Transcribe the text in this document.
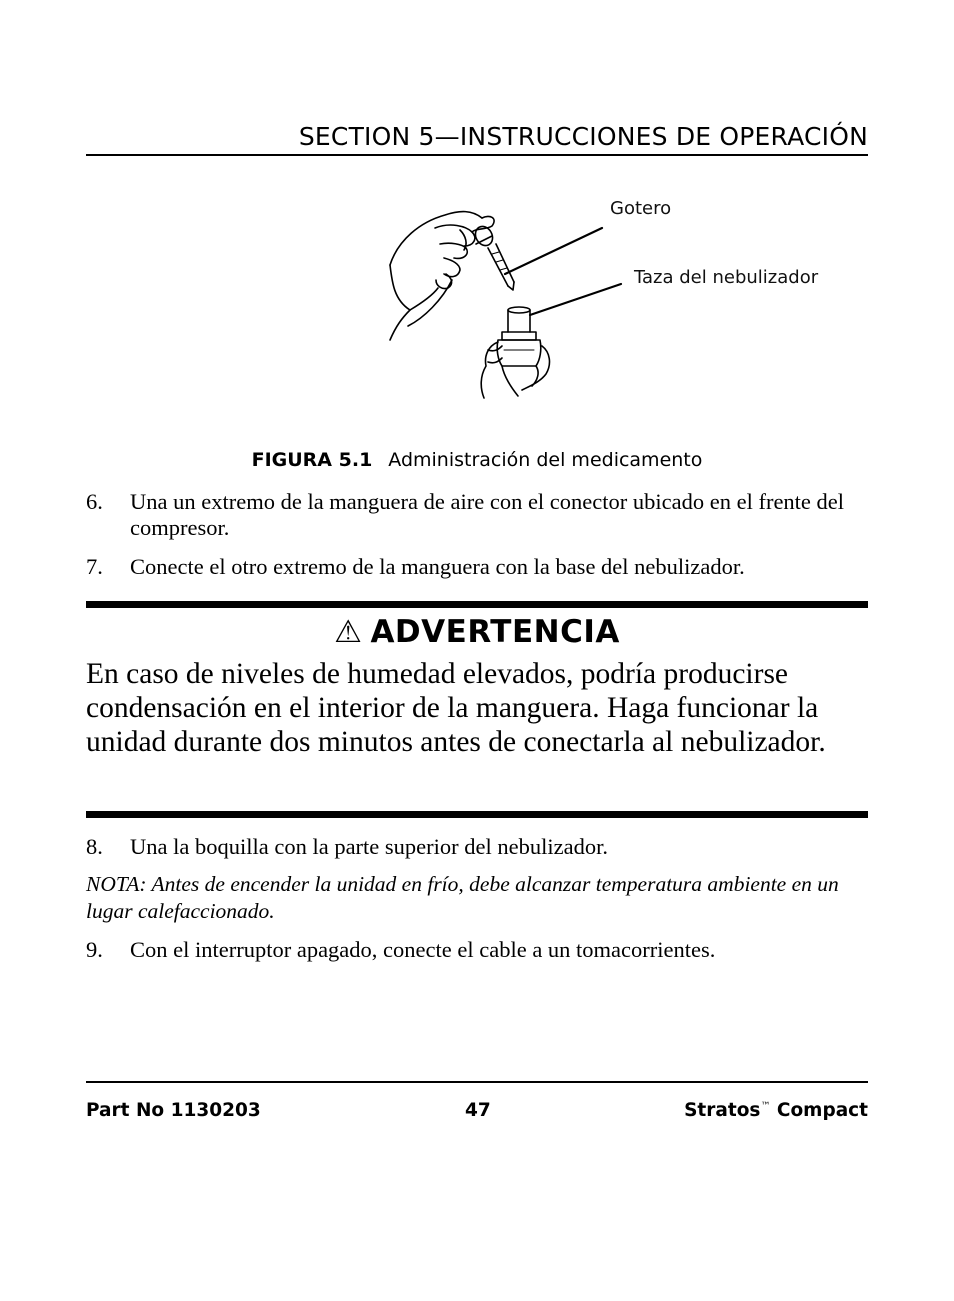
SECTION 5—INSTRUCCIONES DE OPERACIÓN
Gotero
Taza del nebulizador
FIGURA 5.1 Administración del medicamento
6. Una un extremo de la manguera de aire con el conector ubicado en el frente del compresor.
7. Conecte el otro extremo de la manguera con la base del nebulizador.
⚠ ADVERTENCIA
En caso de niveles de humedad elevados, podría producirse condensación en el interior de la manguera. Haga funcionar la unidad durante dos minutos antes de conectarla al nebulizador.
8. Una la boquilla con la parte superior del nebulizador.
NOTA: Antes de encender la unidad en frío, debe alcanzar temperatura ambiente en un lugar calefaccionado.
9. Con el interruptor apagado, conecte el cable a un tomacorrientes.
Part No 1130203	47	Stratos™ Compact
